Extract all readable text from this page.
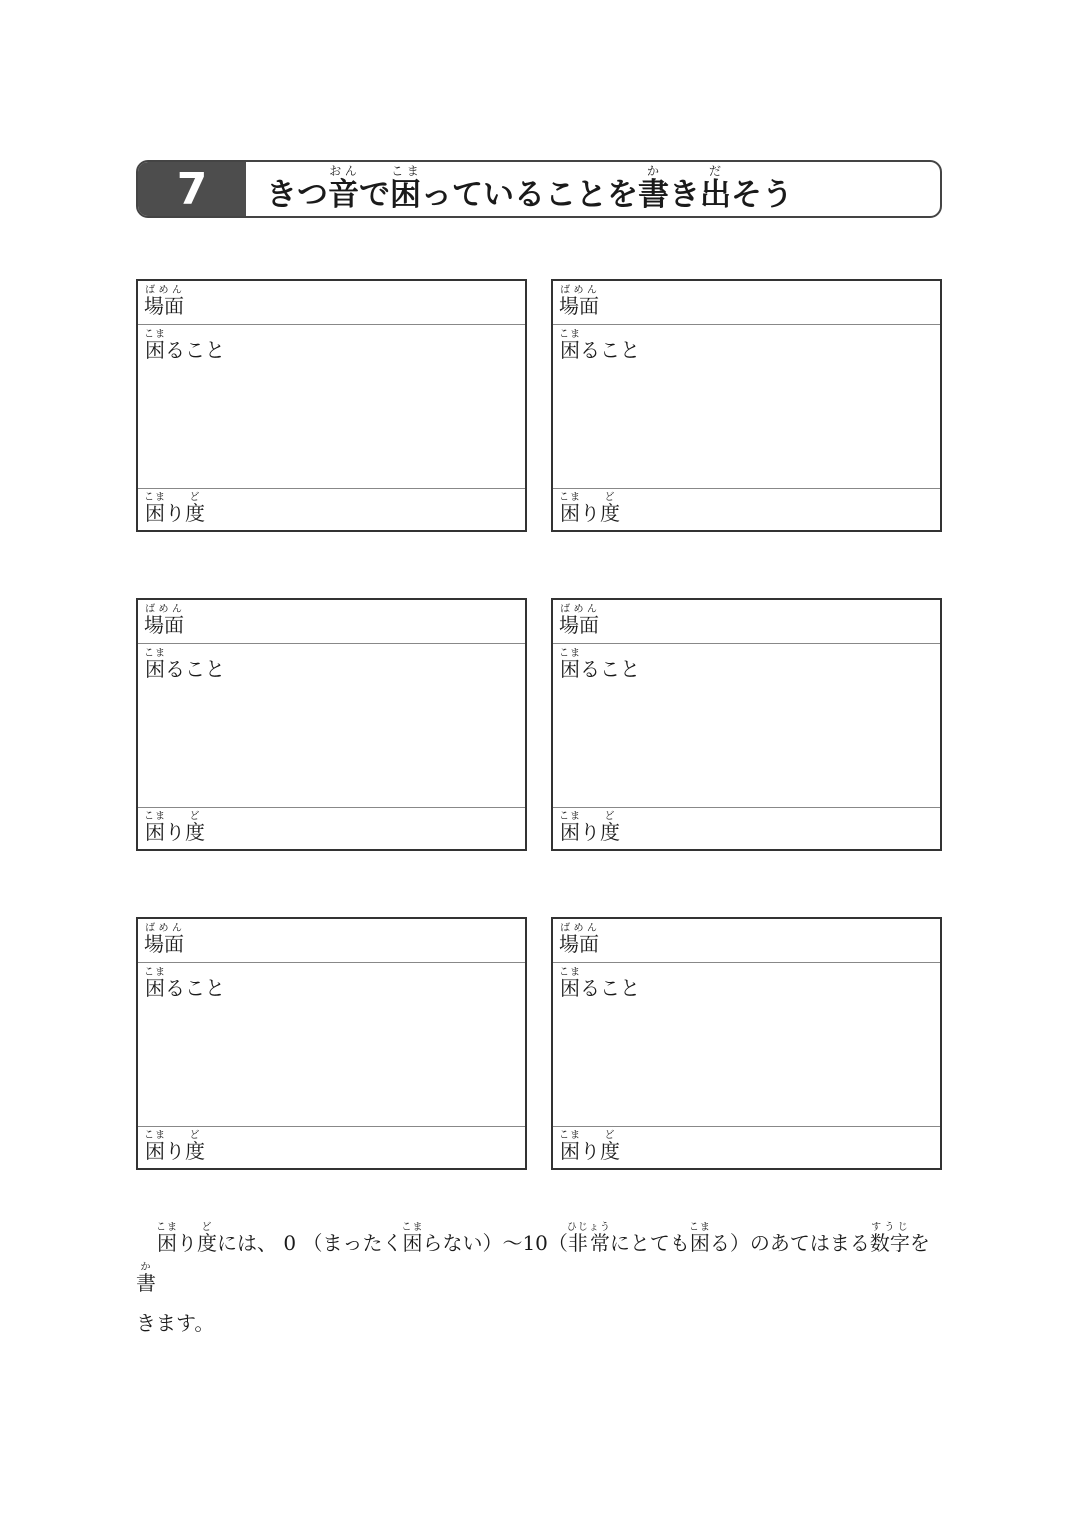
7	きつ音おんで困こまっていることを書かき出だそう
場面ばめん
困こまること
困こまり度ど
場面ばめん
困こまること
困こまり度ど
場面ばめん
困こまること
困こまり度ど
場面ばめん
困こまること
困こまり度ど
場面ばめん
困こまること
困こまり度ど
場面ばめん
困こまること
困こまり度ど

困こまり度どには、 0 （まったく困こまらない）～10（非常ひじょうにとても困こまる）のあてはまる数字すうじを書か

きます。
